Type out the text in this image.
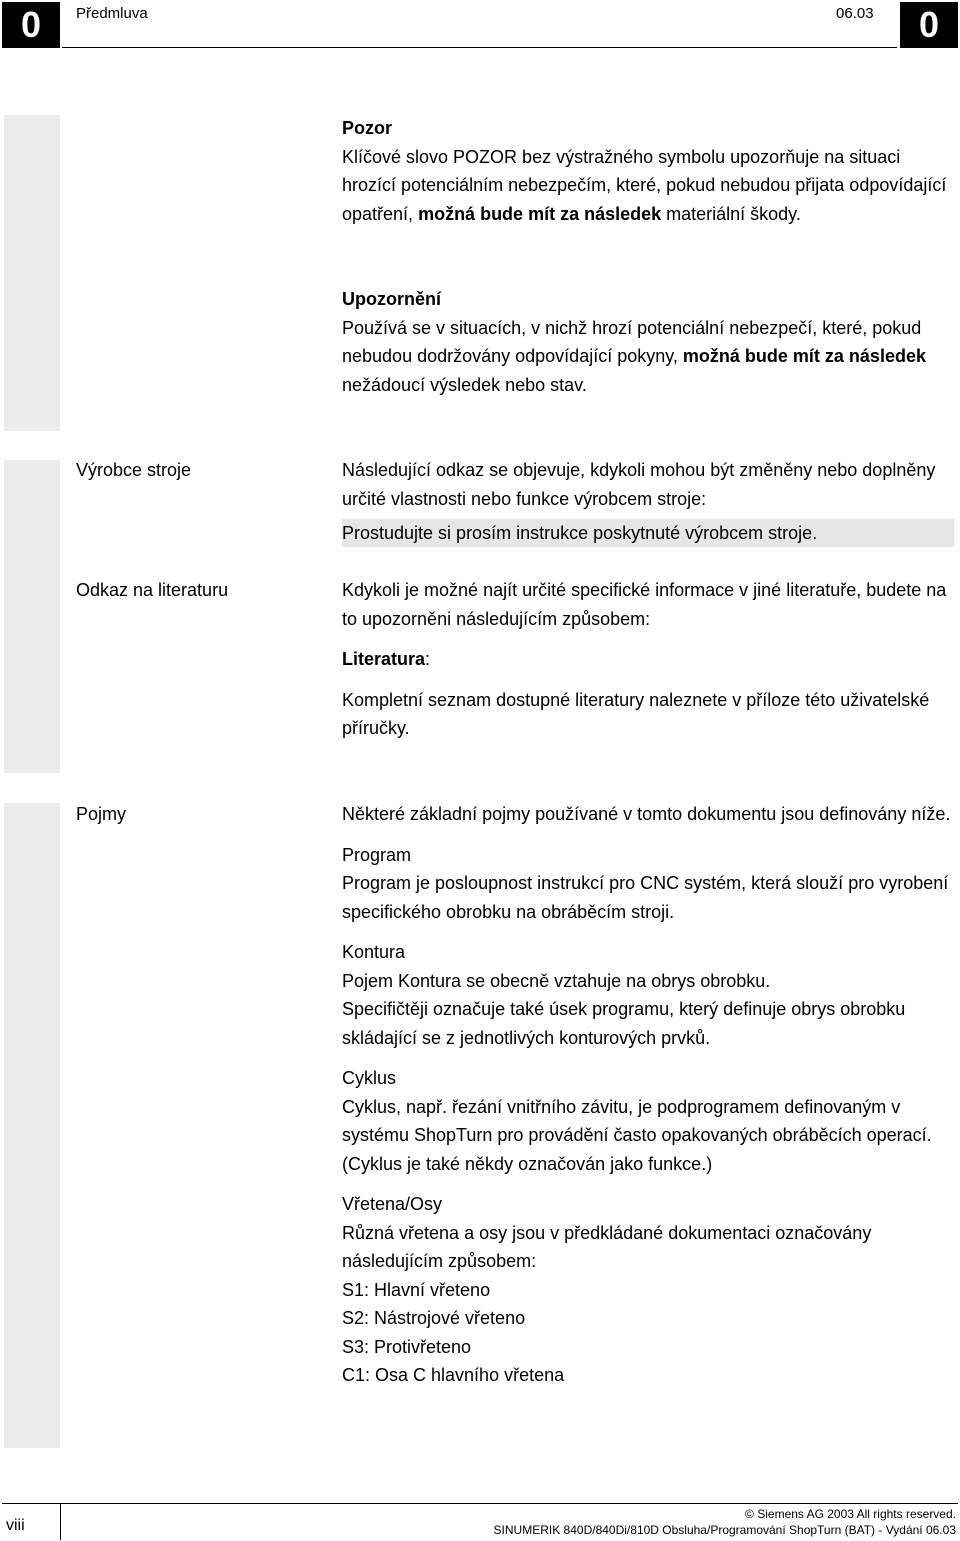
0	Předmluva	06.03	0

Pozor

Klíčové slovo POZOR bez výstražného symbolu upozorňuje na situaci hrozící potenciálním nebezpečím, které, pokud nebudou přijata odpovídající opatření, možná bude mít za následek materiální škody.

Upozornění

Používá se v situacích, v nichž hrozí potenciální nebezpečí, které, pokud nebudou dodržovány odpovídající pokyny, možná bude mít za následek nežádoucí výsledek nebo stav.

Výrobce stroje	Následující odkaz se objevuje, kdykoli mohou být změněny nebo doplněny určité vlastnosti nebo funkce výrobcem stroje:

Prostudujte si prosím instrukce poskytnuté výrobcem stroje.

Odkaz na literaturu	Kdykoli je možné najít určité specifické informace v jiné literatuře, budete na to upozorněni následujícím způsobem:

Literatura:

Kompletní seznam dostupné literatury naleznete v příloze této uživatelské příručky.

Pojmy	Některé základní pojmy používané v tomto dokumentu jsou definovány níže.

Program

Program je posloupnost instrukcí pro CNC systém, která slouží pro vyrobení specifického obrobku na obráběcím stroji.

Kontura

Pojem Kontura se obecně vztahuje na obrys obrobku.

Specifičtěji označuje také úsek programu, který definuje obrys obrobku skládající se z jednotlivých konturových prvků.

Cyklus

Cyklus, např. řezání vnitřního závitu, je podprogramem definovaným v systému ShopTurn pro provádění často opakovaných obráběcích operací.

(Cyklus je také někdy označován jako funkce.)

Vřetena/Osy

Různá vřetena a osy jsou v předkládané dokumentaci označovány následujícím způsobem:

S1: Hlavní vřeteno

S2: Nástrojové vřeteno

S3: Protivřeteno

C1: Osa C hlavního vřetena

viii
© Siemens AG 2003 All rights reserved.
SINUMERIK 840D/840Di/810D Obsluha/Programování ShopTurn (BAT) - Vydání 06.03
